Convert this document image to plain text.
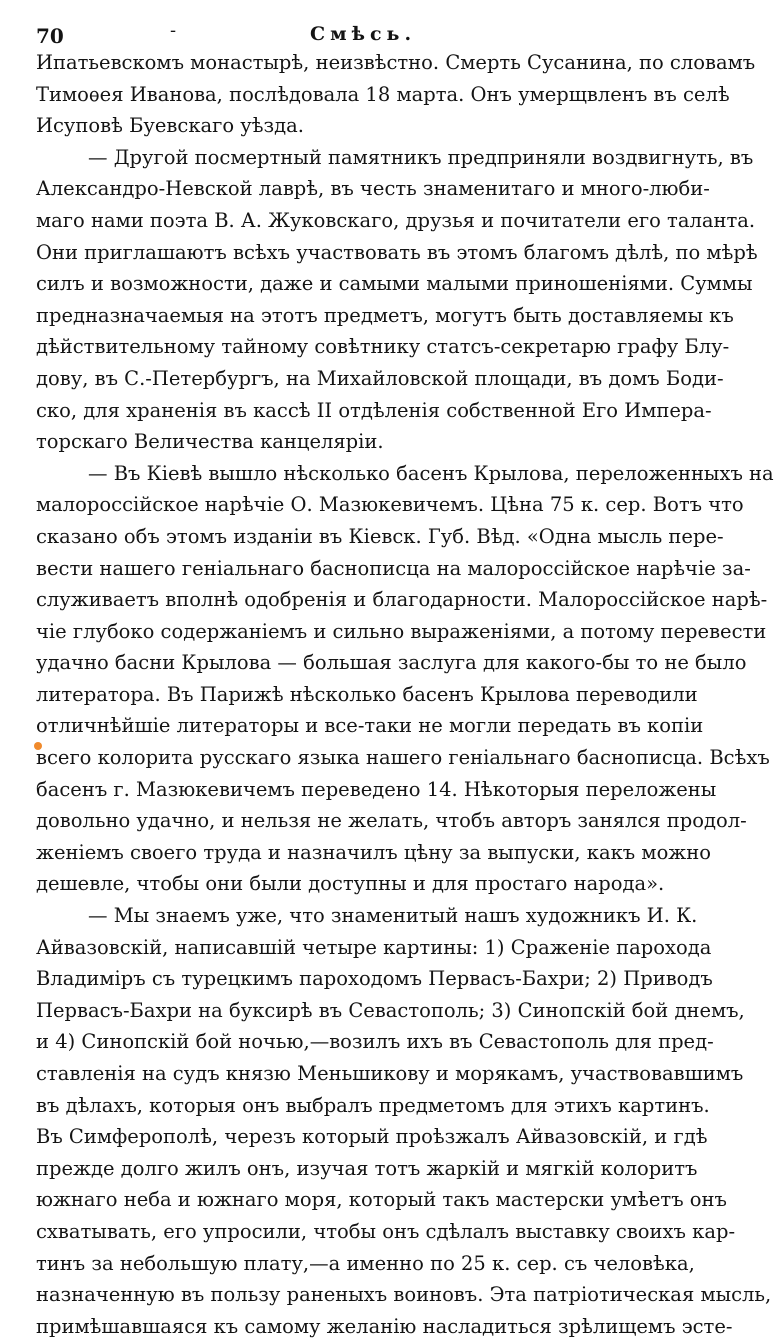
70	-	Смѣсь.
Ипатьевскомъ монастырѣ, неизвѣстно. Смерть Сусанина, по словамъ
Тимоѳея Иванова, послѣдовала 18 марта. Онъ умерщвленъ въ селѣ
Исуповѣ Буевскаго уѣзда.
— Другой посмертный памятникъ предприняли воздвигнуть, въ
Александро-Невской лаврѣ, въ честь знаменитаго и много-люби-
маго нами поэта В. А. Жуковскаго, друзья и почитатели его таланта.
Они приглашаютъ всѣхъ участвовать въ этомъ благомъ дѣлѣ, по мѣрѣ
силъ и возможности, даже и самыми малыми приношеніями. Суммы
предназначаемыя на этотъ предметъ, могутъ быть доставляемы къ
дѣйствительному тайному совѣтнику статсъ-секретарю графу Блу-
дову, въ С.-Петербургъ, на Михайловской площади, въ домъ Боди-
ско, для храненія въ кассѣ II отдѣленія собственной Его Импера-
торскаго Величества канцеляріи.
— Въ Кіевѣ вышло нѣсколько басенъ Крылова, переложенныхъ на
малороссійское нарѣчіе О. Мазюкевичемъ. Цѣна 75 к. сер. Вотъ что
сказано объ этомъ изданіи въ Кіевск. Губ. Вѣд. «Одна мысль пере-
вести нашего геніальнаго баснописца на малороссійское нарѣчіе за-
служиваетъ вполнѣ одобренія и благодарности. Малороссійское нарѣ-
чіе глубоко содержаніемъ и сильно выраженіями, а потому перевести
удачно басни Крылова — большая заслуга для какого-бы то не было
литератора. Въ Парижѣ нѣсколько басенъ Крылова переводили
отличнѣйшіе литераторы и все-таки не могли передать въ копіи
всего колорита русскаго языка нашего геніальнаго баснописца. Всѣхъ
басенъ г. Мазюкевичемъ переведено 14. Нѣкоторыя переложены
довольно удачно, и нельзя не желать, чтобъ авторъ занялся продол-
женіемъ своего труда и назначилъ цѣну за выпуски, какъ можно
дешевле, чтобы они были доступны и для простаго народа».
— Мы знаемъ уже, что знаменитый нашъ художникъ И. К.
Айвазовскій, написавшій четыре картины: 1) Сраженіе парохода
Владиміръ съ турецкимъ пароходомъ Первасъ-Бахри; 2) Приводъ
Первасъ-Бахри на буксирѣ въ Севастополь; 3) Синопскій бой днемъ,
и 4) Синопскій бой ночью,—возилъ ихъ въ Севастополь для пред-
ставленія на судъ князю Меньшикову и морякамъ, участвовавшимъ
въ дѣлахъ, которыя онъ выбралъ предметомъ для этихъ картинъ.
Въ Симферополѣ, черезъ который проѣзжалъ Айвазовскій, и гдѣ
прежде долго жилъ онъ, изучая тотъ жаркій и мягкій колоритъ
южнаго неба и южнаго моря, который такъ мастерски умѣетъ онъ
схватывать, его упросили, чтобы онъ сдѣлалъ выставку своихъ кар-
тинъ за небольшую плату,—а именно по 25 к. сер. съ человѣка,
назначенную въ пользу раненыхъ воиновъ. Эта патріотическая мысль,
примѣшавшаяся къ самому желанію насладиться зрѣлищемъ эсте-
